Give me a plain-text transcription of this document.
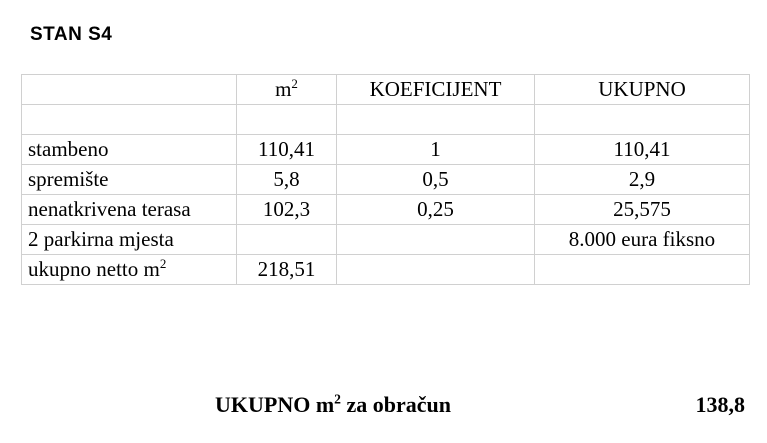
STAN S4
	$m^2$	KOEFICIJENT	UKUPNO

stambeno	110,41	1	110,41
spremište	5,8	0,5	2,9
nenatkrivena terasa	102,3	0,25	25,575
2 parkirna mjesta			8.000 eura fiksno
ukupno netto $m^2$	218,51		
UKUPNO $m^2$ za obračun	138,8
